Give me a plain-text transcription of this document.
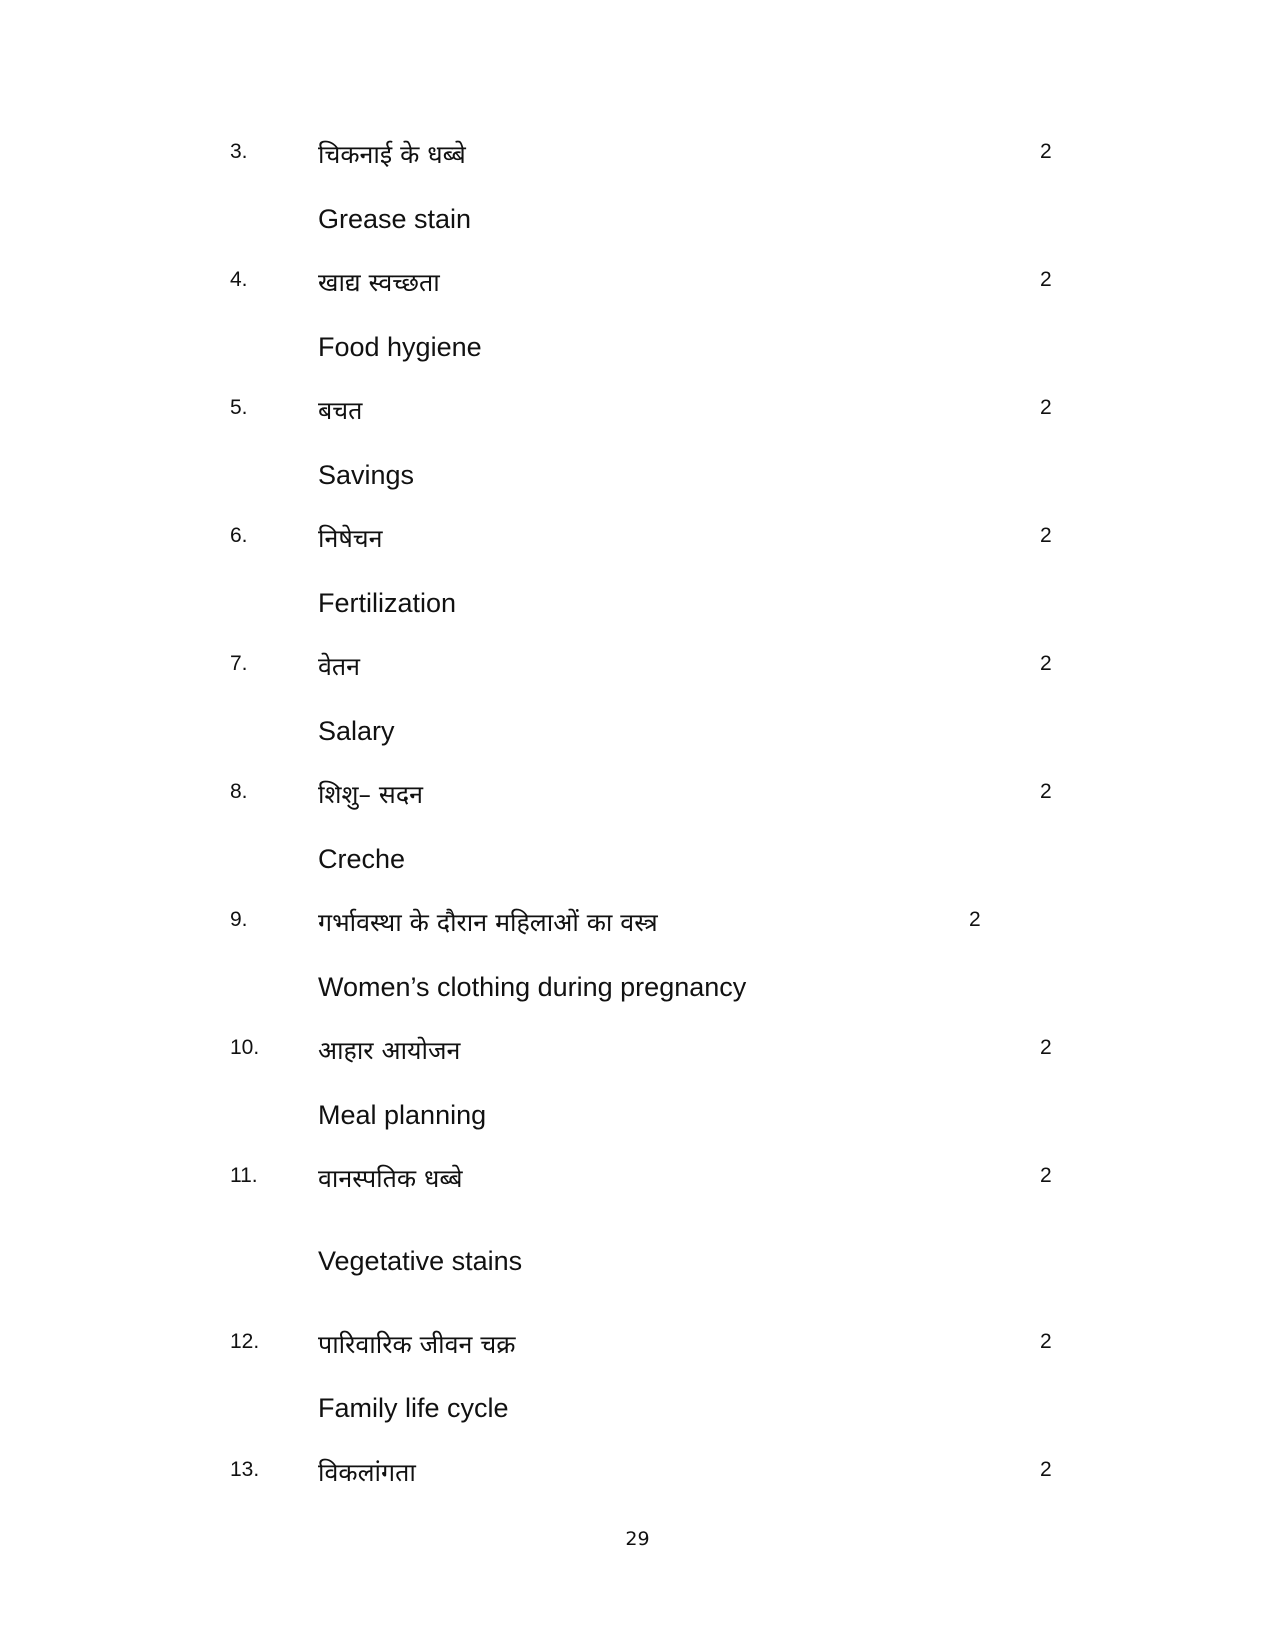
3.	चिकनाई के धब्बे	2
Grease stain
4.	खाद्य स्वच्छता	2
Food hygiene
5.	बचत	2
Savings
6.	निषेचन	2
Fertilization
7.	वेतन	2
Salary
8.	शिशु– सदन	2
Creche
9.	गर्भावस्था के दौरान महिलाओं का वस्त्र	2
Women’s clothing during pregnancy
10. आहार आयोजन	2
Meal planning
11. वानस्पतिक धब्बे	2
Vegetative stains
12. पारिवारिक जीवन चक्र	2
Family life cycle
13. विकलांगता	2
29
